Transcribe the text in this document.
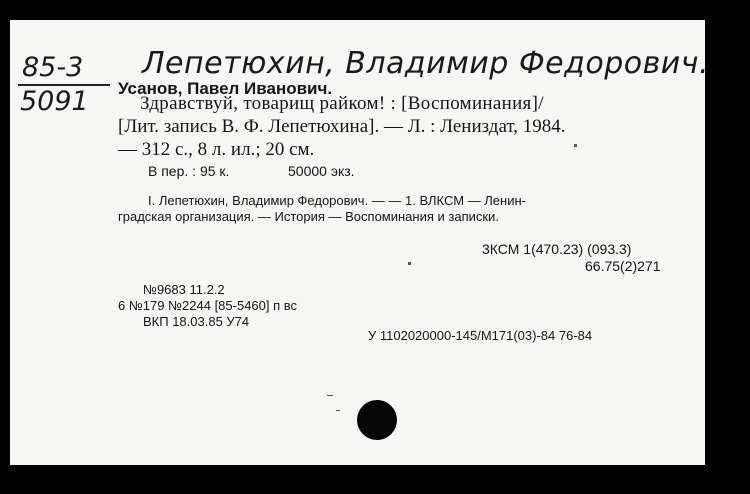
85-3
5091
Лепетюхин, Владимир Федорович.
Усанов, Павел Иванович.
Здравствуй, товарищ райком! : [Воспоминания]/
[Лит. запись В. Ф. Лепетюхина]. — Л. : Лениздат, 1984.
— 312 с., 8 л. ил.; 20 см.
В пер. : 95 к.	50000 экз.
I. Лепетюхин, Владимир Федорович. — — 1. ВЛКСМ — Ленин-
градская организация. — История — Воспоминания и записки.
3КСМ 1(470.23) (093.3)
66.75(2)271
№9683 11.2.2
6 №179 №2244 [85-5460] п вс
ВКП 18.03.85 У74
У 1102020000-145/М171(03)-84 76-84
